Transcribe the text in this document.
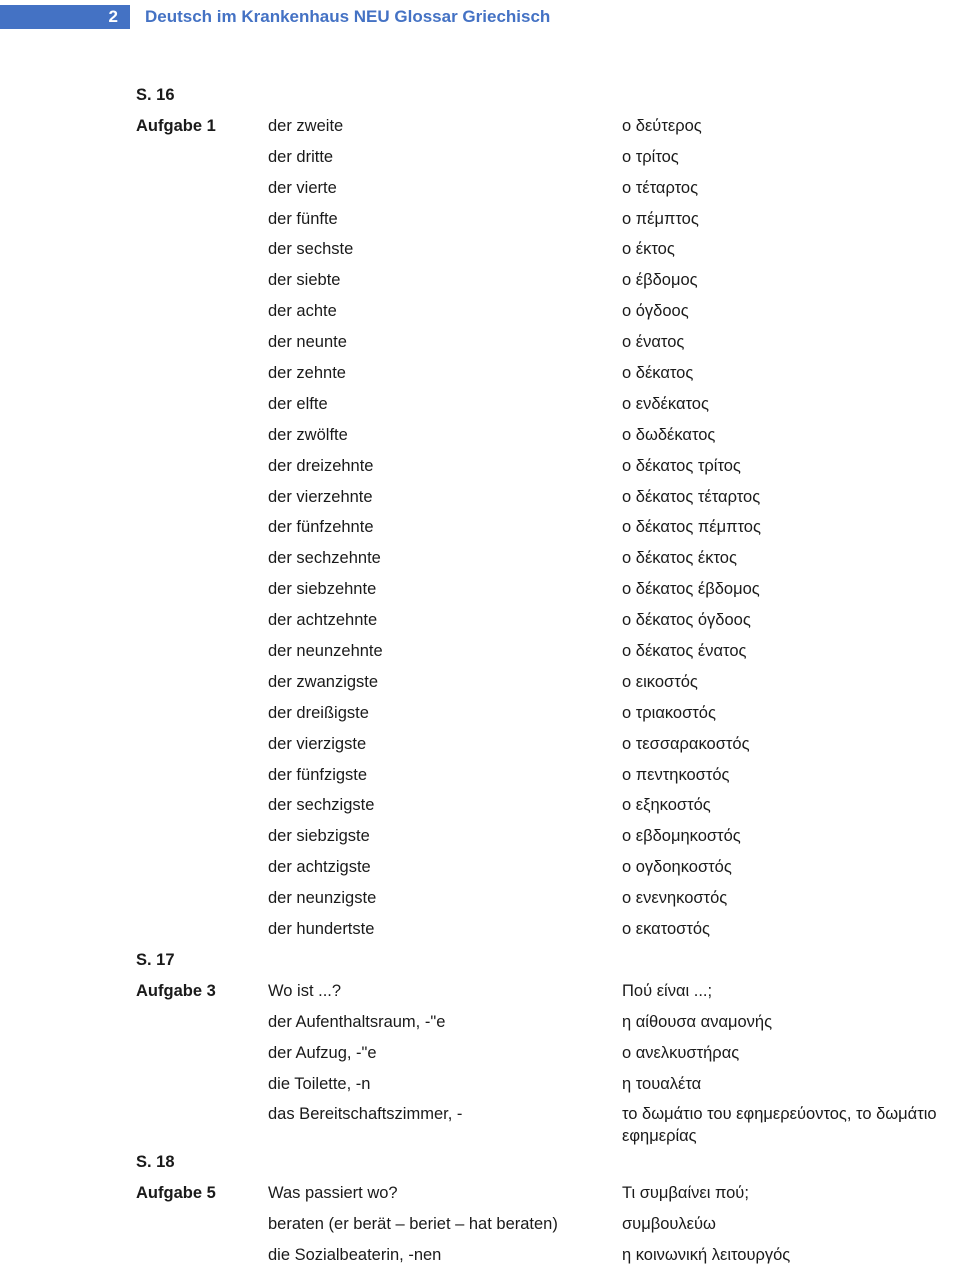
2	Deutsch im Krankenhaus NEU Glossar Griechisch
S. 16
Aufgabe 1	der zweite	ο δεύτερος
der dritte	ο τρίτος
der vierte	ο τέταρτος
der fünfte	ο πέμπτος
der sechste	ο έκτος
der siebte	ο έβδομος
der achte	ο όγδοος
der neunte	ο ένατος
der zehnte	ο δέκατος
der elfte	ο ενδέκατος
der zwölfte	ο δωδέκατος
der dreizehnte	ο δέκατος τρίτος
der vierzehnte	ο δέκατος τέταρτος
der fünfzehnte	ο δέκατος πέμπτος
der sechzehnte	ο δέκατος έκτος
der siebzehnte	ο δέκατος έβδομος
der achtzehnte	ο δέκατος όγδοος
der neunzehnte	ο δέκατος ένατος
der zwanzigste	ο εικοστός
der dreißigste	ο τριακοστός
der vierzigste	ο τεσσαρακοστός
der fünfzigste	ο πεντηκοστός
der sechzigste	ο εξηκοστός
der siebzigste	ο εβδομηκοστός
der achtzigste	ο ογδοηκοστός
der neunzigste	ο ενενηκοστός
der hundertste	ο εκατοστός
S. 17
Aufgabe 3	Wo ist ...?	Πού είναι ...;
der Aufenthaltsraum, -"e	η αίθουσα αναμονής
der Aufzug, -"e	ο ανελκυστήρας
die Toilette, -n	η τουαλέτα
das Bereitschaftszimmer, -	το δωμάτιο του εφημερεύοντος, το δωμάτιο εφημερίας
S. 18
Aufgabe 5	Was passiert wo?	Τι συμβαίνει πού;
beraten (er berät – beriet – hat beraten)	συμβουλεύω
die Sozialbeaterin, -nen	η κοινωνική λειτουργός
